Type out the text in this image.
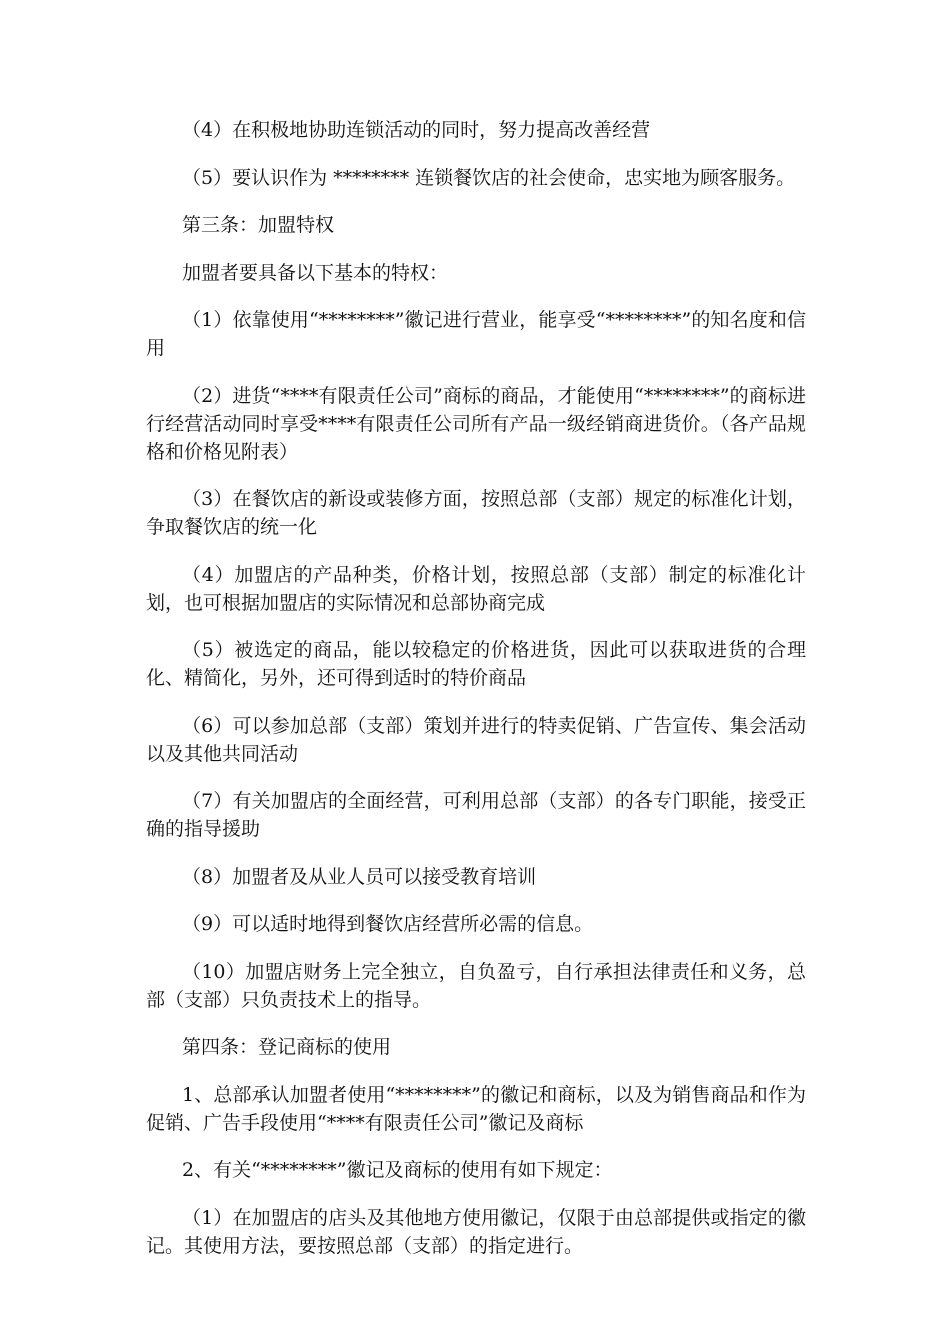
（4）在积极地协助连锁活动的同时，努力提高改善经营

（5）要认识作为 ******** 连锁餐饮店的社会使命，忠实地为顾客服务。

第三条：加盟特权

加盟者要具备以下基本的特权：

（1）依靠使用“********”徽记进行营业，能享受“********”的知名度和信用

（2）进货“****有限责任公司”商标的商品，才能使用“********”的商标进行经营活动同时享受****有限责任公司所有产品一级经销商进货价。（各产品规格和价格见附表）

（3）在餐饮店的新设或装修方面，按照总部（支部）规定的标准化计划，争取餐饮店的统一化

（4）加盟店的产品种类，价格计划，按照总部（支部）制定的标准化计划，也可根据加盟店的实际情况和总部协商完成

（5）被选定的商品，能以较稳定的价格进货，因此可以获取进货的合理化、精简化，另外，还可得到适时的特价商品

（6）可以参加总部（支部）策划并进行的特卖促销、广告宣传、集会活动以及其他共同活动

（7）有关加盟店的全面经营，可利用总部（支部）的各专门职能，接受正确的指导援助

（8）加盟者及从业人员可以接受教育培训

（9）可以适时地得到餐饮店经营所必需的信息。

（10）加盟店财务上完全独立，自负盈亏，自行承担法律责任和义务，总部（支部）只负责技术上的指导。

第四条：登记商标的使用

1、总部承认加盟者使用“********”的徽记和商标，以及为销售商品和作为促销、广告手段使用“****有限责任公司”徽记及商标

2、有关“********”徽记及商标的使用有如下规定：

（1）在加盟店的店头及其他地方使用徽记，仅限于由总部提供或指定的徽记。其使用方法，要按照总部（支部）的指定进行。
